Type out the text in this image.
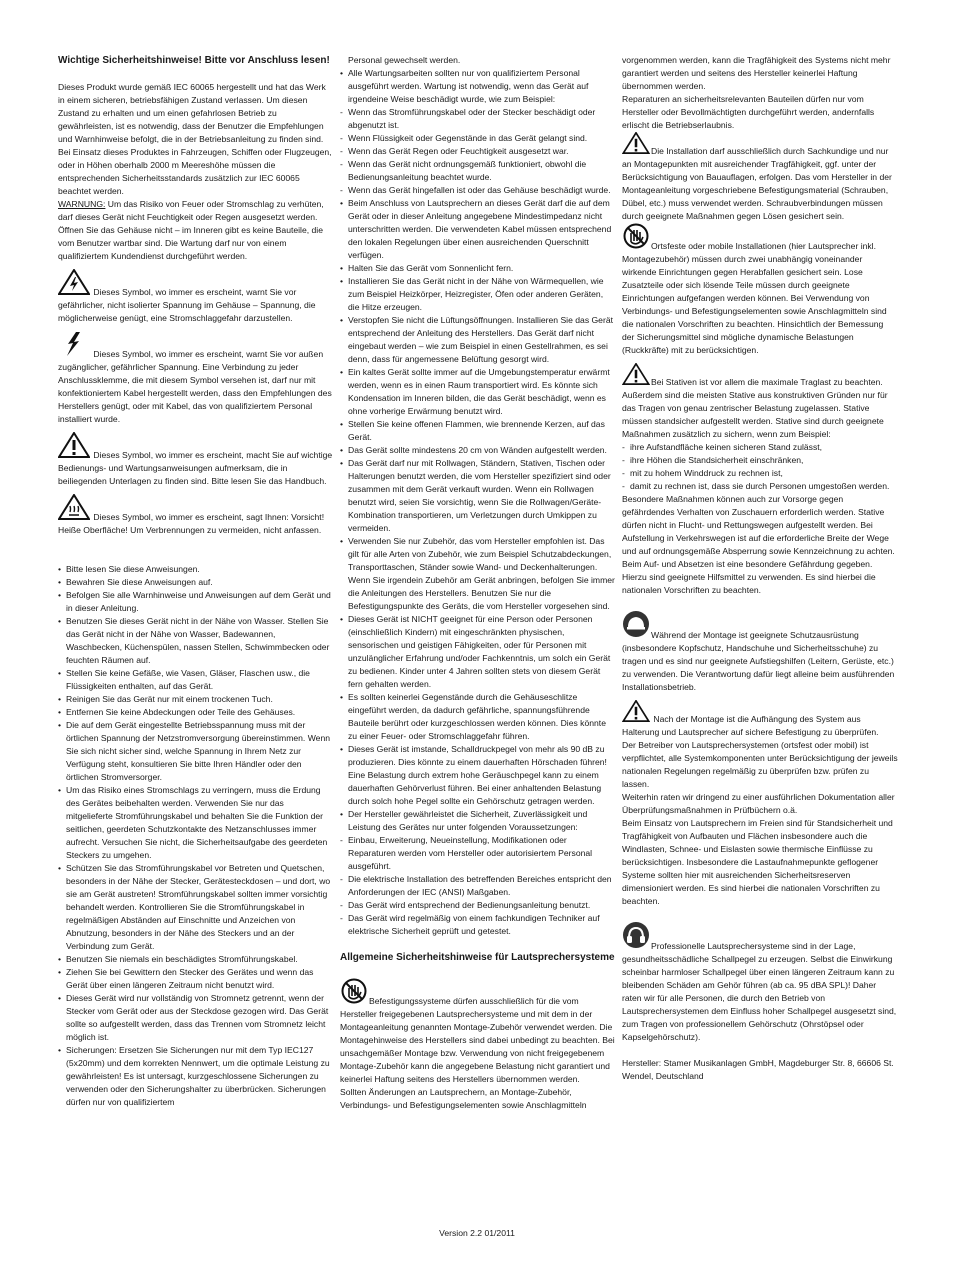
Wichtige Sicherheitshinweise! Bitte vor Anschluss lesen!

Dieses Produkt wurde gemäß IEC 60065 hergestellt und hat das Werk in einem sicheren, betriebsfähigen Zustand verlassen. Um diesen Zustand zu erhalten und um einen gefahrlosen Betrieb zu gewährleisten, ist es notwendig, dass der Benutzer die Empfehlungen und Warnhinweise befolgt, die in der Betriebsanleitung zu finden sind. Bei Einsatz dieses Produktes in Fahrzeugen, Schiffen oder Flugzeugen, oder in Höhen oberhalb 2000 m Meereshöhe müssen die entsprechenden Sicherheitsstandards zusätzlich zur IEC 60065 beachtet werden.

WARNUNG: Um das Risiko von Feuer oder Stromschlag zu verhüten, darf dieses Gerät nicht Feuchtigkeit oder Regen ausgesetzt werden. Öffnen Sie das Gehäuse nicht – im Inneren gibt es keine Bauteile, die vom Benutzer wartbar sind. Die Wartung darf nur von einem qualifiziertem Kundendienst durchgeführt werden.

Dieses Symbol, wo immer es erscheint, warnt Sie vor gefährlicher, nicht isolierter Spannung im Gehäuse – Spannung, die möglicherweise genügt, eine Stromschlaggefahr darzustellen.

Dieses Symbol, wo immer es erscheint, warnt Sie vor außen zugänglicher, gefährlicher Spannung. Eine Verbindung zu jeder Anschlussklemme, die mit diesem Symbol versehen ist, darf nur mit konfektioniertem Kabel hergestellt werden, dass den Empfehlungen des Herstellers genügt, oder mit Kabel, das von qualifiziertem Personal installiert wurde.

Dieses Symbol, wo immer es erscheint, macht Sie auf wichtige Bedienungs- und Wartungsanweisungen aufmerksam, die in beiliegenden Unterlagen zu finden sind. Bitte lesen Sie das Handbuch.

Dieses Symbol, wo immer es erscheint, sagt Ihnen: Vorsicht! Heiße Oberfläche! Um Verbrennungen zu vermeiden, nicht anfassen.

• Bitte lesen Sie diese Anweisungen.
• Bewahren Sie diese Anweisungen auf.
• Befolgen Sie alle Warnhinweise und Anweisungen auf dem Gerät und in dieser Anleitung.
• Benutzen Sie dieses Gerät nicht in der Nähe von Wasser. Stellen Sie das Gerät nicht in der Nähe von Wasser, Badewannen, Waschbecken, Küchenspülen, nassen Stellen, Schwimmbecken oder feuchten Räumen auf.
• Stellen Sie keine Gefäße, wie Vasen, Gläser, Flaschen usw., die Flüssigkeiten enthalten, auf das Gerät.
• Reinigen Sie das Gerät nur mit einem trockenen Tuch.
• Entfernen Sie keine Abdeckungen oder Teile des Gehäuses.
• Die auf dem Gerät eingestellte Betriebsspannung muss mit der örtlichen Spannung der Netzstromversorgung übereinstimmen. Wenn Sie sich nicht sicher sind, welche Spannung in Ihrem Netz zur Verfügung steht, konsultieren Sie bitte Ihren Händler oder den örtlichen Stromversorger.
• Um das Risiko eines Stromschlags zu verringern, muss die Erdung des Gerätes beibehalten werden. Verwenden Sie nur das mitgelieferte Stromführungskabel und behalten Sie die Funktion der seitlichen, geerdeten Schutzkontakte des Netzanschlusses immer aufrecht. Versuchen Sie nicht, die Sicherheitsaufgabe des geerdeten Steckers zu umgehen.
• Schützen Sie das Stromführungskabel vor Betreten und Quetschen, besonders in der Nähe der Stecker, Gerätesteckdosen – und dort, wo sie am Gerät austreten! Stromführungskabel sollten immer vorsichtig behandelt werden. Kontrollieren Sie die Stromführungskabel in regelmäßigen Abständen auf Einschnitte und Anzeichen von Abnutzung, besonders in der Nähe des Steckers und an der Verbindung zum Gerät.
• Benutzen Sie niemals ein beschädigtes Stromführungskabel.
• Ziehen Sie bei Gewittern den Stecker des Gerätes und wenn das Gerät über einen längeren Zeitraum nicht benutzt wird.
• Dieses Gerät wird nur vollständig von Stromnetz getrennt, wenn der Stecker vom Gerät oder aus der Steckdose gezogen wird. Das Gerät sollte so aufgestellt werden, dass das Trennen vom Stromnetz leicht möglich ist.
• Sicherungen: Ersetzen Sie Sicherungen nur mit dem Typ IEC127 (5x20mm) und dem korrekten Nennwert, um die optimale Leistung zu gewährleisten! Es ist untersagt, kurzgeschlossene Sicherungen zu verwenden oder den Sicherungshalter zu überbrücken. Sicherungen dürfen nur von qualifiziertem
Personal gewechselt werden.
• Alle Wartungsarbeiten sollten nur von qualifiziertem Personal ausgeführt werden. Wartung ist notwendig, wenn das Gerät auf irgendeine Weise beschädigt wurde, wie zum Beispiel:
- Wenn das Stromführungskabel oder der Stecker beschädigt oder abgenutzt ist.
- Wenn Flüssigkeit oder Gegenstände in das Gerät gelangt sind.
- Wenn das Gerät Regen oder Feuchtigkeit ausgesetzt war.
- Wenn das Gerät nicht ordnungsgemäß funktioniert, obwohl die Bedienungsanleitung beachtet wurde.
- Wenn das Gerät hingefallen ist oder das Gehäuse beschädigt wurde.
• Beim Anschluss von Lautsprechern an dieses Gerät darf die auf dem Gerät oder in dieser Anleitung angegebene Mindestimpedanz nicht unterschritten werden. Die verwendeten Kabel müssen entsprechend den lokalen Regelungen über einen ausreichenden Querschnitt verfügen.
• Halten Sie das Gerät vom Sonnenlicht fern.
• Installieren Sie das Gerät nicht in der Nähe von Wärmequellen, wie zum Beispiel Heizkörper, Heizregister, Öfen oder anderen Geräten, die Hitze erzeugen.
• Verstopfen Sie nicht die Lüftungsöffnungen. Installieren Sie das Gerät entsprechend der Anleitung des Herstellers. Das Gerät darf nicht eingebaut werden – wie zum Beispiel in einen Gestellrahmen, es sei denn, dass für angemessene Belüftung gesorgt wird.
• Ein kaltes Gerät sollte immer auf die Umgebungstemperatur erwärmt werden, wenn es in einen Raum transportiert wird. Es könnte sich Kondensation im Inneren bilden, die das Gerät beschädigt, wenn es ohne vorherige Erwärmung benutzt wird.
• Stellen Sie keine offenen Flammen, wie brennende Kerzen, auf das Gerät.
• Das Gerät sollte mindestens 20 cm von Wänden aufgestellt werden.
• Das Gerät darf nur mit Rollwagen, Ständern, Stativen, Tischen oder Halterungen benutzt werden, die vom Hersteller spezifiziert sind oder zusammen mit dem Gerät verkauft wurden. Wenn ein Rollwagen benutzt wird, seien Sie vorsichtig, wenn Sie die Rollwagen/Geräte-Kombination transportieren, um Verletzungen durch Umkippen zu vermeiden.
• Verwenden Sie nur Zubehör, das vom Hersteller empfohlen ist. Das gilt für alle Arten von Zubehör, wie zum Beispiel Schutzabdeckungen, Transporttaschen, Ständer sowie Wand- und Deckenhalterungen. Wenn Sie irgendein Zubehör am Gerät anbringen, befolgen Sie immer die Anleitungen des Herstellers. Benutzen Sie nur die Befestigungspunkte des Geräts, die vom Hersteller vorgesehen sind.
• Dieses Gerät ist NICHT geeignet für eine Person oder Personen (einschließlich Kindern) mit eingeschränkten physischen, sensorischen und geistigen Fähigkeiten, oder für Personen mit unzulänglicher Erfahrung und/oder Fachkenntnis, um solch ein Gerät zu bedienen. Kinder unter 4 Jahren sollten stets von diesem Gerät fern gehalten werden.
• Es sollten keinerlei Gegenstände durch die Gehäuseschlitze eingeführt werden, da dadurch gefährliche, spannungsführende Bauteile berührt oder kurzgeschlossen werden können. Dies könnte zu einer Feuer- oder Stromschlaggefahr führen.
• Dieses Gerät ist imstande, Schalldruckpegel von mehr als 90 dB zu produzieren. Dies könnte zu einem dauerhaften Hörschaden führen! Eine Belastung durch extrem hohe Geräuschpegel kann zu einem dauerhaften Gehörverlust führen. Bei einer anhaltenden Belastung durch solch hohe Pegel sollte ein Gehörschutz getragen werden.
• Der Hersteller gewährleistet die Sicherheit, Zuverlässigkeit und Leistung des Gerätes nur unter folgenden Voraussetzungen:
- Einbau, Erweiterung, Neueinstellung, Modifikationen oder Reparaturen werden vom Hersteller oder autorisiertem Personal ausgeführt.
- Die elektrische Installation des betreffenden Bereiches entspricht den Anforderungen der IEC (ANSI) Maßgaben.
- Das Gerät wird entsprechend der Bedienungsanleitung benutzt.
- Das Gerät wird regelmäßig von einem fachkundigen Techniker auf elektrische Sicherheit geprüft und getestet.

Allgemeine Sicherheitshinweise für Lautsprechersysteme

Befestigungssysteme dürfen ausschließlich für die vom Hersteller freigegebenen Lautsprechersysteme und mit dem in der Montageanleitung genannten Montage-Zubehör verwendet werden. Die Montagehinweise des Herstellers sind dabei unbedingt zu beachten. Bei unsachgemäßer Montage bzw. Verwendung von nicht freigegebenem Montage-Zubehör kann die angegebene Belastung nicht garantiert und keinerlei Haftung seitens des Herstellers übernommen werden.

Sollten Änderungen an Lautsprechern, an Montage-Zubehör, Verbindungs- und Befestigungselementen sowie Anschlagmitteln

vorgenommen werden, kann die Tragfähigkeit des Systems nicht mehr garantiert werden und seitens des Hersteller keinerlei Haftung übernommen werden.

Reparaturen an sicherheitsrelevanten Bauteilen dürfen nur vom Hersteller oder Bevollmächtigten durchgeführt werden, andernfalls erlischt die Betriebserlaubnis.

Die Installation darf ausschließlich durch Sachkundige und nur an Montagepunkten mit ausreichender Tragfähigkeit, ggf. unter der Berücksichtigung von Bauauflagen, erfolgen. Das vom Hersteller in der Montageanleitung vorgeschriebene Befestigungsmaterial (Schrauben, Dübel, etc.) muss verwendet werden. Schraubverbindungen müssen durch geeignete Maßnahmen gegen Lösen gesichert sein.

Ortsfeste oder mobile Installationen (hier Lautsprecher inkl. Montagezubehör) müssen durch zwei unabhängig voneinander wirkende Einrichtungen gegen Herabfallen gesichert sein. Lose Zusatzteile oder sich lösende Teile müssen durch geeignete Einrichtungen aufgefangen werden können. Bei Verwendung von Verbindungs- und Befestigungselementen sowie Anschlagmitteln sind die nationalen Vorschriften zu beachten. Hinsichtlich der Bemessung der Sicherungsmittel sind mögliche dynamische Belastungen (Ruckkräfte) mit zu berücksichtigen.

Bei Stativen ist vor allem die maximale Traglast zu beachten. Außerdem sind die meisten Stative aus konstruktiven Gründen nur für das Tragen von genau zentrischer Belastung zugelassen. Stative müssen standsicher aufgestellt werden. Stative sind durch geeignete Maßnahmen zusätzlich zu sichern, wenn zum Beispiel:

- ihre Aufstandfläche keinen sicheren Stand zulässt,
- ihre Höhen die Standsicherheit einschränken,
- mit zu hohem Winddruck zu rechnen ist,
- damit zu rechnen ist, dass sie durch Personen umgestoßen werden.

Besondere Maßnahmen können auch zur Vorsorge gegen gefährdendes Verhalten von Zuschauern erforderlich werden. Stative dürfen nicht in Flucht- und Rettungswegen aufgestellt werden. Bei Aufstellung in Verkehrswegen ist auf die erforderliche Breite der Wege und auf ordnungsgemäße Absperrung sowie Kennzeichnung zu achten. Beim Auf- und Absetzen ist eine besondere Gefährdung gegeben. Hierzu sind geeignete Hilfsmittel zu verwenden. Es sind hierbei die nationalen Vorschriften zu beachten.

Während der Montage ist geeignete Schutzausrüstung (insbesondere Kopfschutz, Handschuhe und Sicherheitsschuhe) zu tragen und es sind nur geeignete Aufstiegshilfen (Leitern, Gerüste, etc.) zu verwenden. Die Verantwortung dafür liegt alleine beim ausführenden Installationsbetrieb.

Nach der Montage ist die Aufhängung des System aus Halterung und Lautsprecher auf sichere Befestigung zu überprüfen.

Der Betreiber von Lautsprechersystemen (ortsfest oder mobil) ist verpflichtet, alle Systemkomponenten unter Berücksichtigung der jeweils nationalen Regelungen regelmäßig zu überprüfen bzw. prüfen zu lassen.

Weiterhin raten wir dringend zu einer ausführlichen Dokumentation aller Überprüfungsmaßnahmen in Prüfbüchern o.ä.

Beim Einsatz von Lautsprechern im Freien sind für Standsicherheit und Tragfähigkeit von Aufbauten und Flächen insbesondere auch die Windlasten, Schnee- und Eislasten sowie thermische Einflüsse zu berücksichtigen. Insbesondere die Lastaufnahmepunkte geflogener Systeme sollten hier mit ausreichenden Sicherheitsreserven dimensioniert werden. Es sind hierbei die nationalen Vorschriften zu beachten.

Professionelle Lautsprechersysteme sind in der Lage, gesundheitsschädliche Schallpegel zu erzeugen. Selbst die Einwirkung scheinbar harmloser Schallpegel über einen längeren Zeitraum kann zu bleibenden Schäden am Gehör führen (ab ca. 95 dBA SPL)! Daher raten wir für alle Personen, die durch den Betrieb von Lautsprechersystemen dem Einfluss hoher Schallpegel ausgesetzt sind, zum Tragen von professionellem Gehörschutz (Ohrstöpsel oder Kapselgehörschutz).

Hersteller: Stamer Musikanlagen GmbH, Magdeburger Str. 8, 66606 St. Wendel, Deutschland

Version 2.2 01/2011
